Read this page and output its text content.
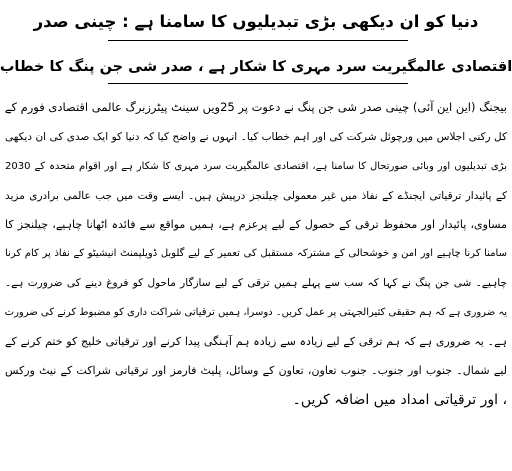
دنیا کو ان دیکھی بڑی تبدیلیوں کا سامنا ہے : چینی صدر
اقتصادی عالمگیریت سرد مہری کا شکار ہے ، صدر شی جن پنگ کا خطاب
بیجنگ (این این آئی) چینی صدر شی جن پنگ نے دعوت پر 25ویں سینٹ پیٹرزبرگ عالمی اقتصادی فورم کے
کل رکنی اجلاس میں ورچوئل شرکت کی اور اہم خطاب کیا۔ انہوں نے واضح کیا کہ دنیا کو ایک صدی کی ان دیکھی
بڑی تبدیلیوں اور وبائی صورتحال کا سامنا ہے، اقتصادی عالمگیریت سرد مہری کا شکار ہے اور اقوام متحدہ کے 2030
کے پائیدار ترقیاتی ایجنڈے کے نفاذ میں غیر معمولی چیلنجز درپیش ہیں۔ ایسے وقت میں جب عالمی برادری مزید
مساوی، پائیدار اور محفوظ ترقی کے حصول کے لیے پرعزم ہے، ہمیں مواقع سے فائدہ اٹھانا چاہیے، چیلنجز کا
سامنا کرنا چاہیے اور امن و خوشحالی کے مشترکہ مستقبل کی تعمیر کے لیے گلوبل ڈویلپمنٹ انیشیٹو کے نفاذ پر کام کرنا
چاہیے۔ شی جن پنگ نے کہا کہ سب سے پہلے ہمیں ترقی کے لیے سازگار ماحول کو فروغ دینے کی ضرورت ہے۔
یہ ضروری ہے کہ ہم حقیقی کثیرالجہتی پر عمل کریں۔ دوسرا، ہمیں ترقیاتی شراکت داری کو مضبوط کرنے کی ضرورت
ہے۔ یہ ضروری ہے کہ ہم ترقی کے لیے زیادہ سے زیادہ ہم آہنگی پیدا کرنے اور ترقیاتی خلیج کو ختم کرنے کے
لیے شمال۔ جنوب اور جنوب۔ جنوب تعاون، تعاون کے وسائل، پلیٹ فارمز اور ترقیاتی شراکت کے نیٹ ورکس
، اور ترقیاتی امداد میں اضافہ کریں۔
